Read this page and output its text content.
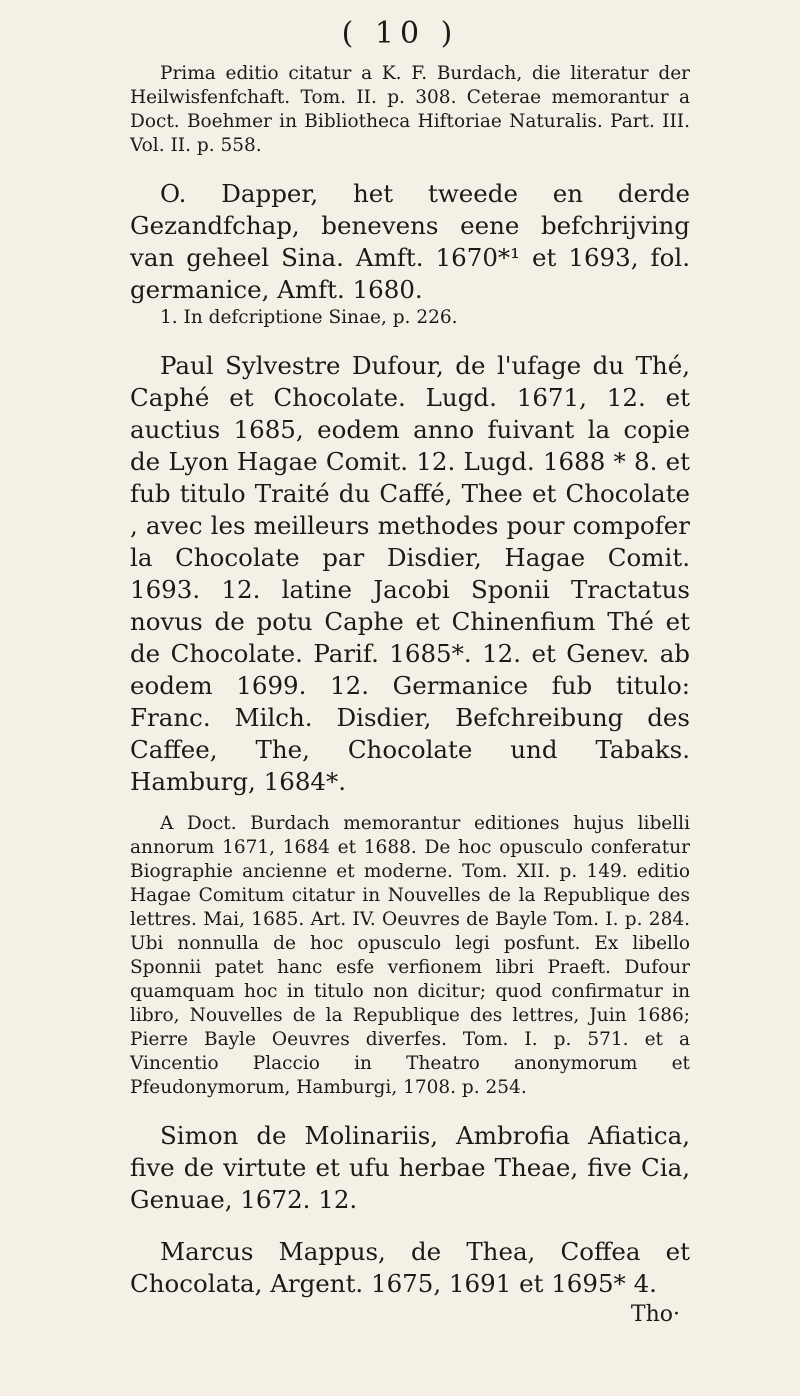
( 10 )

Prima editio citatur a K. F. Burdach, die literatur der Heilwisfenfchaft. Tom. II. p. 308. Ceterae memorantur a Doct. Boehmer in Bibliotheca Hiftoriae Naturalis. Part. III. Vol. II. p. 558.

O. Dapper, het tweede en derde Gezandfchap, benevens eene befchrijving van geheel Sina. Amft. 1670*¹ et 1693, fol. germanice, Amft. 1680.

1. In defcriptione Sinae, p. 226.

Paul Sylvestre Dufour, de l'ufage du Thé, Caphé et Chocolate. Lugd. 1671, 12. et auctius 1685, eodem anno fuivant la copie de Lyon Hagae Comit. 12. Lugd. 1688 * 8. et fub titulo Traité du Caffé, Thee et Chocolate , avec les meilleurs methodes pour compofer la Chocolate par Disdier, Hagae Comit. 1693. 12. latine Jacobi Sponii Tractatus novus de potu Caphe et Chinenfium Thé et de Chocolate. Parif. 1685*. 12. et Genev. ab eodem 1699. 12. Germanice fub titulo: Franc. Milch. Disdier, Befchreibung des Caffee, The, Chocolate und Tabaks. Hamburg, 1684*.

A Doct. Burdach memorantur editiones hujus libelli annorum 1671, 1684 et 1688. De hoc opusculo conferatur Biographie ancienne et moderne. Tom. XII. p. 149. editio Hagae Comitum citatur in Nouvelles de la Republique des lettres. Mai, 1685. Art. IV. Oeuvres de Bayle Tom. I. p. 284. Ubi nonnulla de hoc opusculo legi posfunt. Ex libello Sponnii patet hanc esfe verfionem libri Praeft. Dufour quamquam hoc in titulo non dicitur; quod confirmatur in libro, Nouvelles de la Republique des lettres, Juin 1686; Pierre Bayle Oeuvres diverfes. Tom. I. p. 571. et a Vincentio Placcio in Theatro anonymorum et Pfeudonymorum, Hamburgi, 1708. p. 254.

Simon de Molinariis, Ambrofia Afiatica, five de virtute et ufu herbae Theae, five Cia, Genuae, 1672. 12.

Marcus Mappus, de Thea, Coffea et Chocolata, Argent. 1675, 1691 et 1695* 4.

Tho·
